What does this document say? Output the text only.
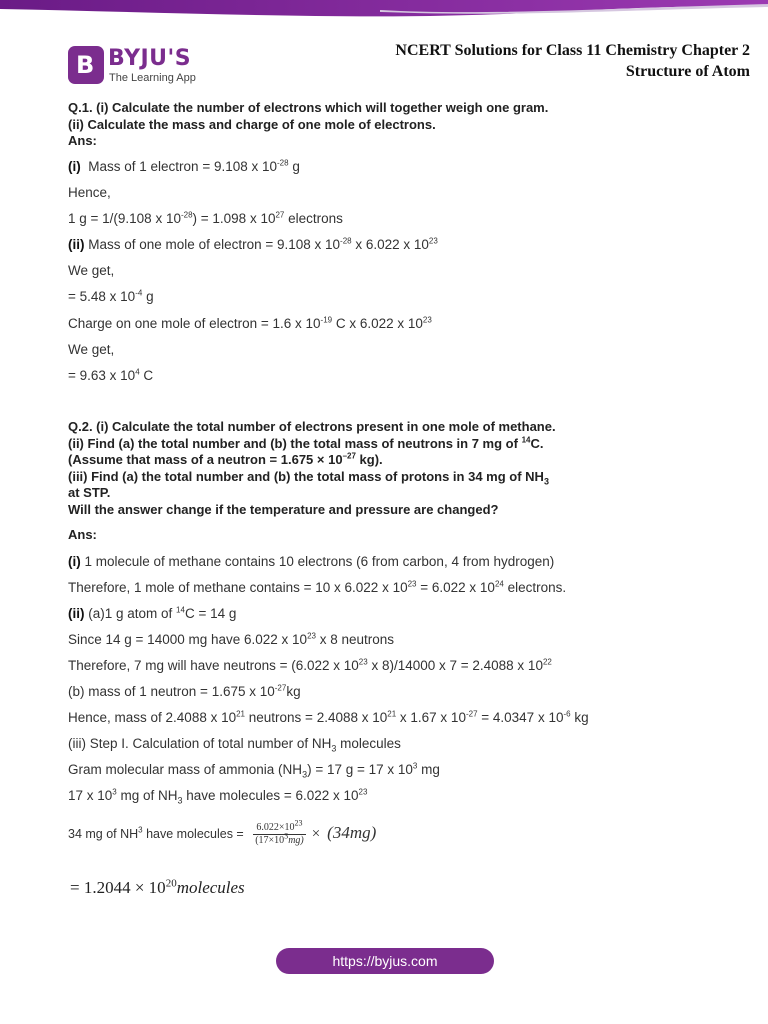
B BYJU'S
The Learning App
NCERT Solutions for Class 11 Chemistry Chapter 2
Structure of Atom
Q.1. (i) Calculate the number of electrons which will together weigh one gram.
(ii) Calculate the mass and charge of one mole of electrons.
Ans:
(i) Mass of 1 electron = 9.108 x $10^{-28}$ g
Hence,
1 g = 1/(9.108 x $10^{-28}) = 1.098$ x $10^{27}$ electrons
(ii) Mass of one mole of electron = 9.108 x $10^{-28}$ x 6.022 x $10^{23}$
We get,
= 5.48 x $10^{-4}$ g
Charge on one mole of electron = 1.6 x $10^{-19}$ C x 6.022 x $10^{23}$
We get,
= 9.63 x $10^4$ C
Q.2. (i) Calculate the total number of electrons present in one mole of methane.
(ii) Find (a) the total number and (b) the total mass of neutrons in 7 mg of $^{14}$C.
(Assume that mass of a neutron = $1.675 \times 10^{-27}$ kg).
(iii) Find (a) the total number and (b) the total mass of protons in 34 mg of $NH_3$
at STP.
Will the answer change if the temperature and pressure are changed?
Ans:
(i) 1 molecule of methane contains 10 electrons (6 from carbon, 4 from hydrogen)
Therefore, 1 mole of methane contains = 10 x 6.022 x $10^{23} = 6.022$ x $10^{24}$ electrons.
(ii) (a)1 g atom of $^{14}$C = 14 g
Since 14 g = 14000 mg have 6.022 x $10^{23}$ x 8 neutrons
Therefore, 7 mg will have neutrons = (6.022 x $10^{23}$ x 8)/14000 x 7 = 2.4088 x $10^{22}$
(b) mass of 1 neutron = 1.675 x $10^{-27}kg$
Hence, mass of 2.4088 x $10^{21}$ neutrons = 2.4088 x $10^{21}$ x 1.67 x $10^{-27} = 4.0347$ x $10^{-6}$ kg
(iii) Step I. Calculation of total number of $NH_3$ molecules
Gram molecular mass of ammonia $(NH_3) = 17$ g = 17 x $10^3$ mg
17 x $10^3$ mg of $NH_3$ have molecules = 6.022 x $10^{23}$
34 mg of $NH^3$ have molecules = $\frac{6.022\times 10^{23}}{(17\times 10^3mg)} \times (34mg)$
= $1.2044 \times 10^{20}molecules$
https://byjus.com
